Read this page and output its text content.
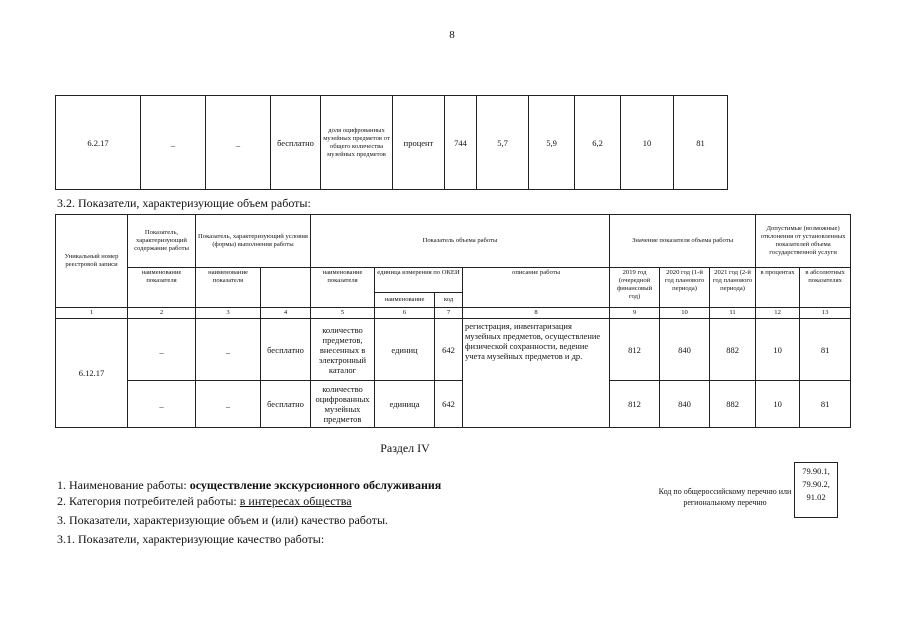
8
6.2.17	_	_	бесплатно	доля оцифрованных музейных предметов от общего количества музейных предметов	процент	744	5,7	5,9	6,2	10	81
3.2. Показатели, характеризующие объем работы:
Уникальный номер реестровой записи	Показатель, характеризующий содержание работы	Показатель, характеризующий условия (формы) выполнения работы		Показатель объема работы				Значение показателя объема работы			Допустимые (возможные) отклонения от установленных показателей объема государственной услуги	
	наименование показателя	наименование показателя		наименование показателя	единица измерения по ОКЕИ		описание работы	2019 год (очередной финансовый год)	2020 год (1-й год планового периода)	2021 год (2-й год планового периода)	в процентах	в абсолютных показателях
					наименование	код						
1	2	3	4	5	6	7	8	9	10	11	12	13
6.12.17	_	_	бесплатно	количество предметов, внесенных в электронный каталог	единиц	642	регистрация, инвентаризация музейных предметов, осуществление физической сохранности, ведение учета музейных предметов и др.	812	840	882	10	81
	_	_	бесплатно	количество оцифрованных музейных предметов	единица	642		812	840	882	10	81
Раздел IV
1. Наименование работы: осуществление экскурсионного обслуживания
2. Категория потребителей работы: в интересах общества
3. Показатели, характеризующие объем и (или) качество работы.
3.1. Показатели, характеризующие качество работы:
Код по общероссийскому перечню или региональному перечню
79.90.1,
79.90.2,
91.02
